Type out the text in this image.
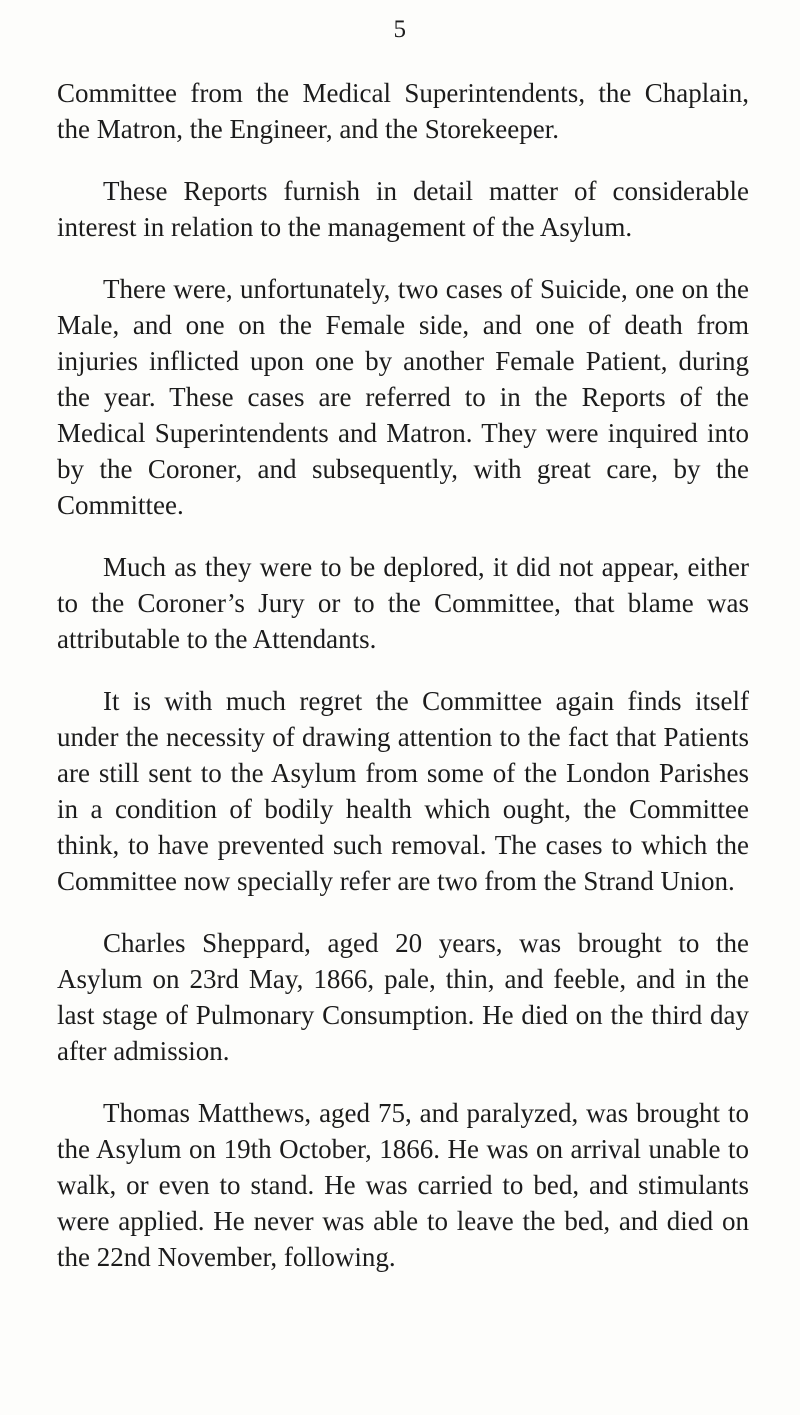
5

Committee from the Medical Superintendents, the Chaplain, the Matron, the Engineer, and the Storekeeper.

These Reports furnish in detail matter of considerable interest in relation to the management of the Asylum.

There were, unfortunately, two cases of Suicide, one on the Male, and one on the Female side, and one of death from injuries inflicted upon one by another Female Patient, during the year. These cases are referred to in the Reports of the Medical Superintendents and Matron. They were inquired into by the Coroner, and subsequently, with great care, by the Committee.

Much as they were to be deplored, it did not appear, either to the Coroner’s Jury or to the Committee, that blame was attributable to the Attendants.

It is with much regret the Committee again finds itself under the necessity of drawing attention to the fact that Patients are still sent to the Asylum from some of the London Parishes in a condition of bodily health which ought, the Committee think, to have prevented such removal. The cases to which the Committee now specially refer are two from the Strand Union.

Charles Sheppard, aged 20 years, was brought to the Asylum on 23rd May, 1866, pale, thin, and feeble, and in the last stage of Pulmonary Consumption. He died on the third day after admission.

Thomas Matthews, aged 75, and paralyzed, was brought to the Asylum on 19th October, 1866. He was on arrival unable to walk, or even to stand. He was carried to bed, and stimulants were applied. He never was able to leave the bed, and died on the 22nd November, following.
